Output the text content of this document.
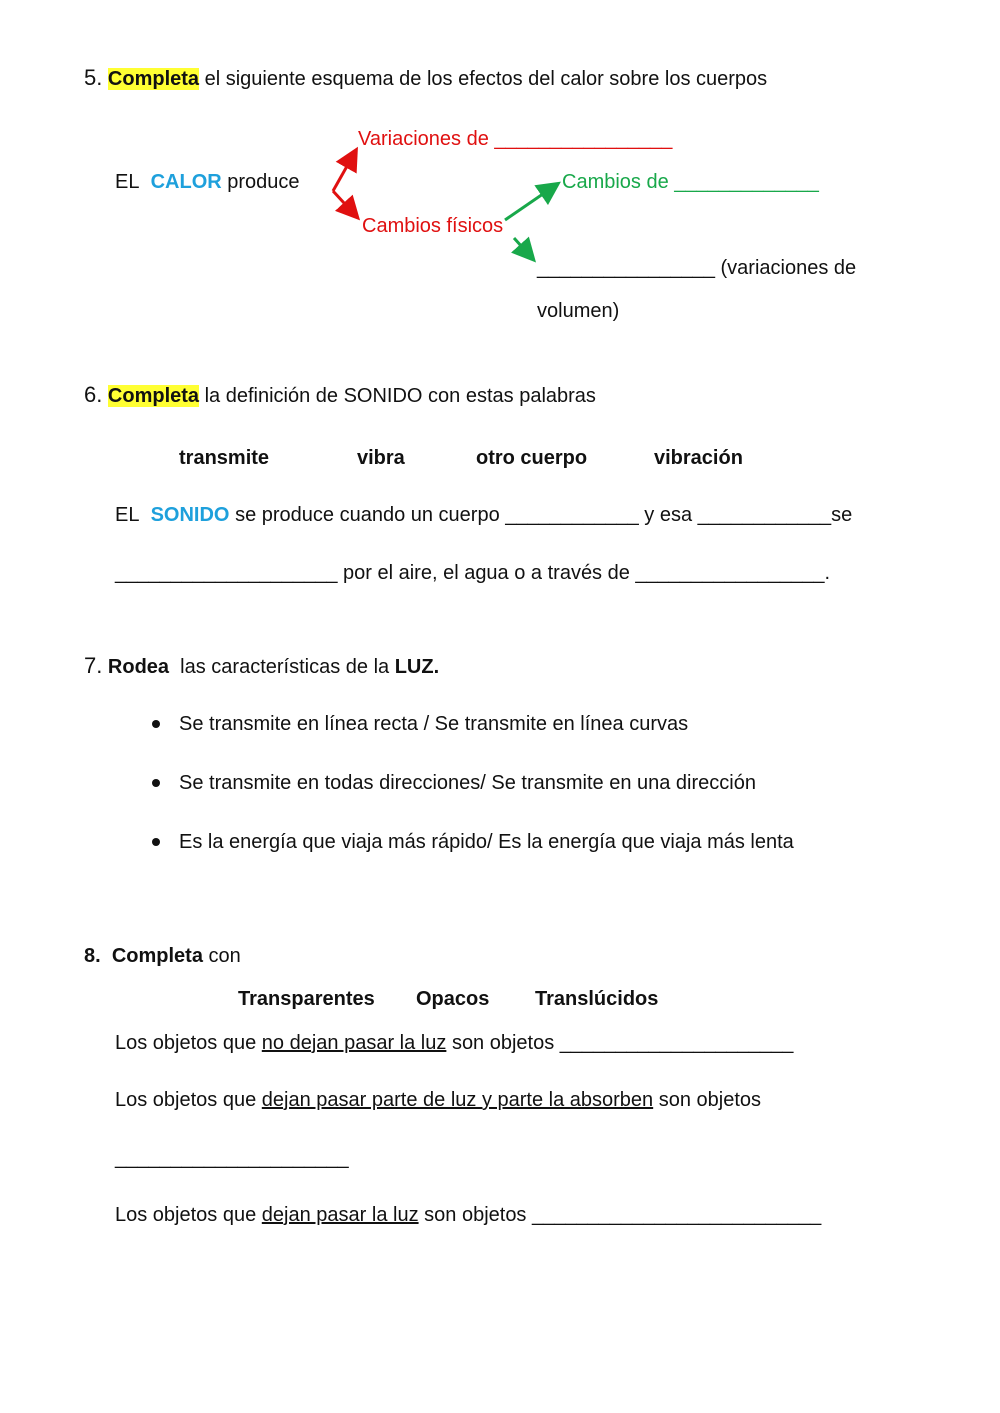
5. Completa el siguiente esquema de los efectos del calor sobre los cuerpos
EL CALOR produce
Variaciones de ________________
Cambios físicos
Cambios de _____________
________________ (variaciones de
volumen)
6. Completa la definición de SONIDO con estas palabras
transmite	vibra	otro cuerpo	vibración
EL SONIDO se produce cuando un cuerpo ____________ y esa ____________se
____________________ por el aire, el agua o a través de _________________.
7. Rodea las características de la LUZ.
Se transmite en línea recta / Se transmite en línea curvas
Se transmite en todas direcciones/ Se transmite en una dirección
Es la energía que viaja más rápido/ Es la energía que viaja más lenta
8. Completa con
Transparentes Opacos Translúcidos
Los objetos que no dejan pasar la luz son objetos _____________________
Los objetos que dejan pasar parte de luz y parte la absorben son objetos
_____________________
Los objetos que dejan pasar la luz son objetos __________________________
